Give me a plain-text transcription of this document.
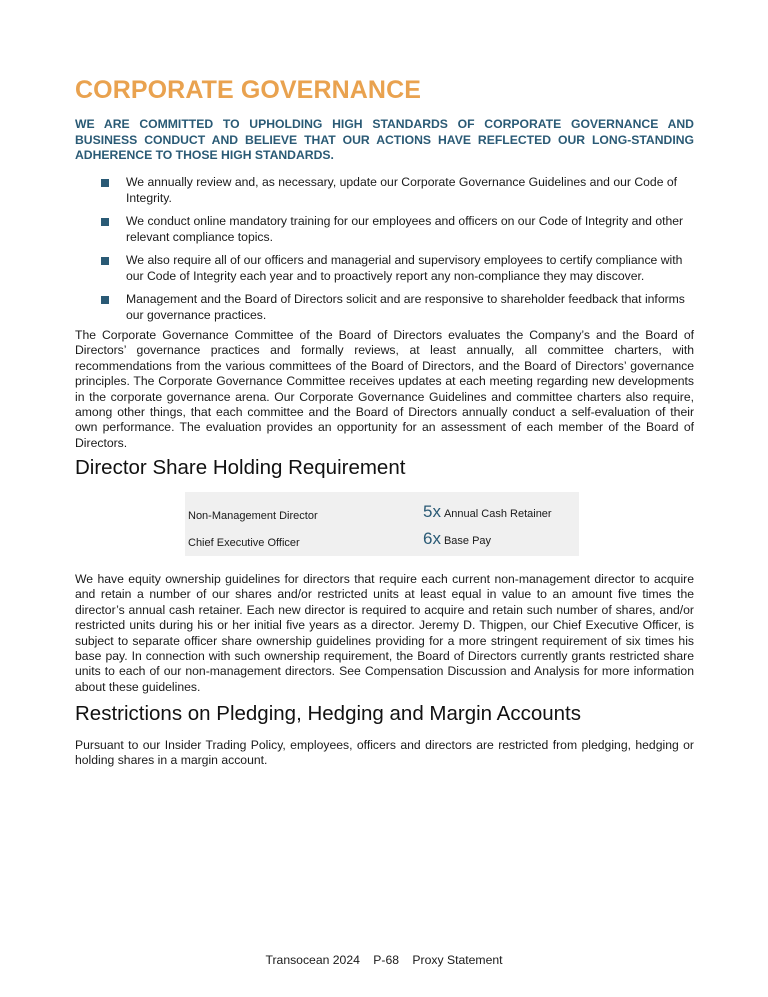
CORPORATE GOVERNANCE

WE ARE COMMITTED TO UPHOLDING HIGH STANDARDS OF CORPORATE GOVERNANCE AND BUSINESS CONDUCT AND BELIEVE THAT OUR ACTIONS HAVE REFLECTED OUR LONG-STANDING ADHERENCE TO THOSE HIGH STANDARDS.

We annually review and, as necessary, update our Corporate Governance Guidelines and our Code of Integrity.
We conduct online mandatory training for our employees and officers on our Code of Integrity and other relevant compliance topics.
We also require all of our officers and managerial and supervisory employees to certify compliance with our Code of Integrity each year and to proactively report any non-compliance they may discover.
Management and the Board of Directors solicit and are responsive to shareholder feedback that informs our governance practices.

The Corporate Governance Committee of the Board of Directors evaluates the Company’s and the Board of Directors’ governance practices and formally reviews, at least annually, all committee charters, with recommendations from the various committees of the Board of Directors, and the Board of Directors’ governance principles. The Corporate Governance Committee receives updates at each meeting regarding new developments in the corporate governance arena. Our Corporate Governance Guidelines and committee charters also require, among other things, that each committee and the Board of Directors annually conduct a self-evaluation of their own performance. The evaluation provides an opportunity for an assessment of each member of the Board of Directors.

Director Share Holding Requirement
Non-Management Director	5x Annual Cash Retainer
Chief Executive Officer	6x Base Pay

We have equity ownership guidelines for directors that require each current non-management director to acquire and retain a number of our shares and/or restricted units at least equal in value to an amount five times the director’s annual cash retainer. Each new director is required to acquire and retain such number of shares, and/or restricted units during his or her initial five years as a director. Jeremy D. Thigpen, our Chief Executive Officer, is subject to separate officer share ownership guidelines providing for a more stringent requirement of six times his base pay. In connection with such ownership requirement, the Board of Directors currently grants restricted share units to each of our non-management directors. See Compensation Discussion and Analysis for more information about these guidelines.

Restrictions on Pledging, Hedging and Margin Accounts

Pursuant to our Insider Trading Policy, employees, officers and directors are restricted from pledging, hedging or holding shares in a margin account.

Transocean 2024 P-68 Proxy Statement
